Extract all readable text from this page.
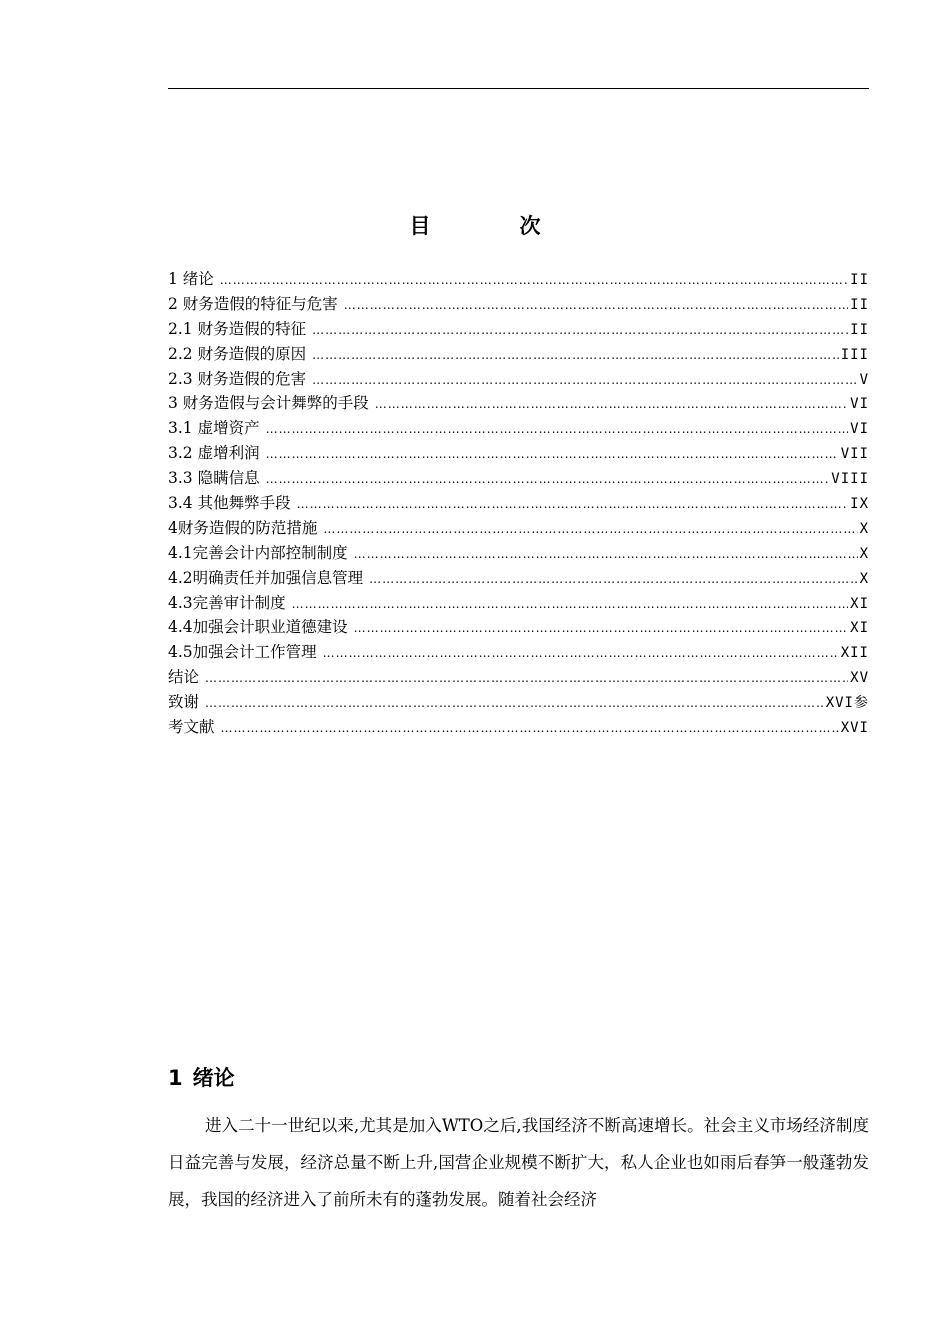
目　次
1 绪论 …………………………………………………………………………………………………………………………………………………………………………	II
2 财务造假的特征与危害 …………………………………………………………………………………………………………………………………………………………………………	II
2.1 财务造假的特征 …………………………………………………………………………………………………………………………………………………………………………	II
2.2 财务造假的原因 …………………………………………………………………………………………………………………………………………………………………………	III
2.3 财务造假的危害 …………………………………………………………………………………………………………………………………………………………………………	V
3 财务造假与会计舞弊的手段 …………………………………………………………………………………………………………………………………………………………………………	VI
3.1 虚增资产 …………………………………………………………………………………………………………………………………………………………………………	VI
3.2 虚增利润 …………………………………………………………………………………………………………………………………………………………………………	VII
3.3 隐瞒信息 …………………………………………………………………………………………………………………………………………………………………………	VIII
3.4 其他舞弊手段 …………………………………………………………………………………………………………………………………………………………………………	IX
4财务造假的防范措施 …………………………………………………………………………………………………………………………………………………………………………	X
4.1完善会计内部控制制度 …………………………………………………………………………………………………………………………………………………………………………	X
4.2明确责任并加强信息管理 …………………………………………………………………………………………………………………………………………………………………………	X
4.3完善审计制度 …………………………………………………………………………………………………………………………………………………………………………	XI
4.4加强会计职业道德建设 …………………………………………………………………………………………………………………………………………………………………………	XI
4.5加强会计工作管理 …………………………………………………………………………………………………………………………………………………………………………	XII
结论 …………………………………………………………………………………………………………………………………………………………………………	XV
致谢 …………………………………………………………………………………………………………………………………………………………………………	XVI参
考文献 …………………………………………………………………………………………………………………………………………………………………………	XVI
1 绪论

进入二十一世纪以来,尤其是加入WTO之后,我国经济不断高速增长。社会主义市场经济制度日益完善与发展，经济总量不断上升,国营企业规模不断扩大，私人企业也如雨后春笋一般蓬勃发展，我国的经济进入了前所未有的蓬勃发展。随着社会经济
